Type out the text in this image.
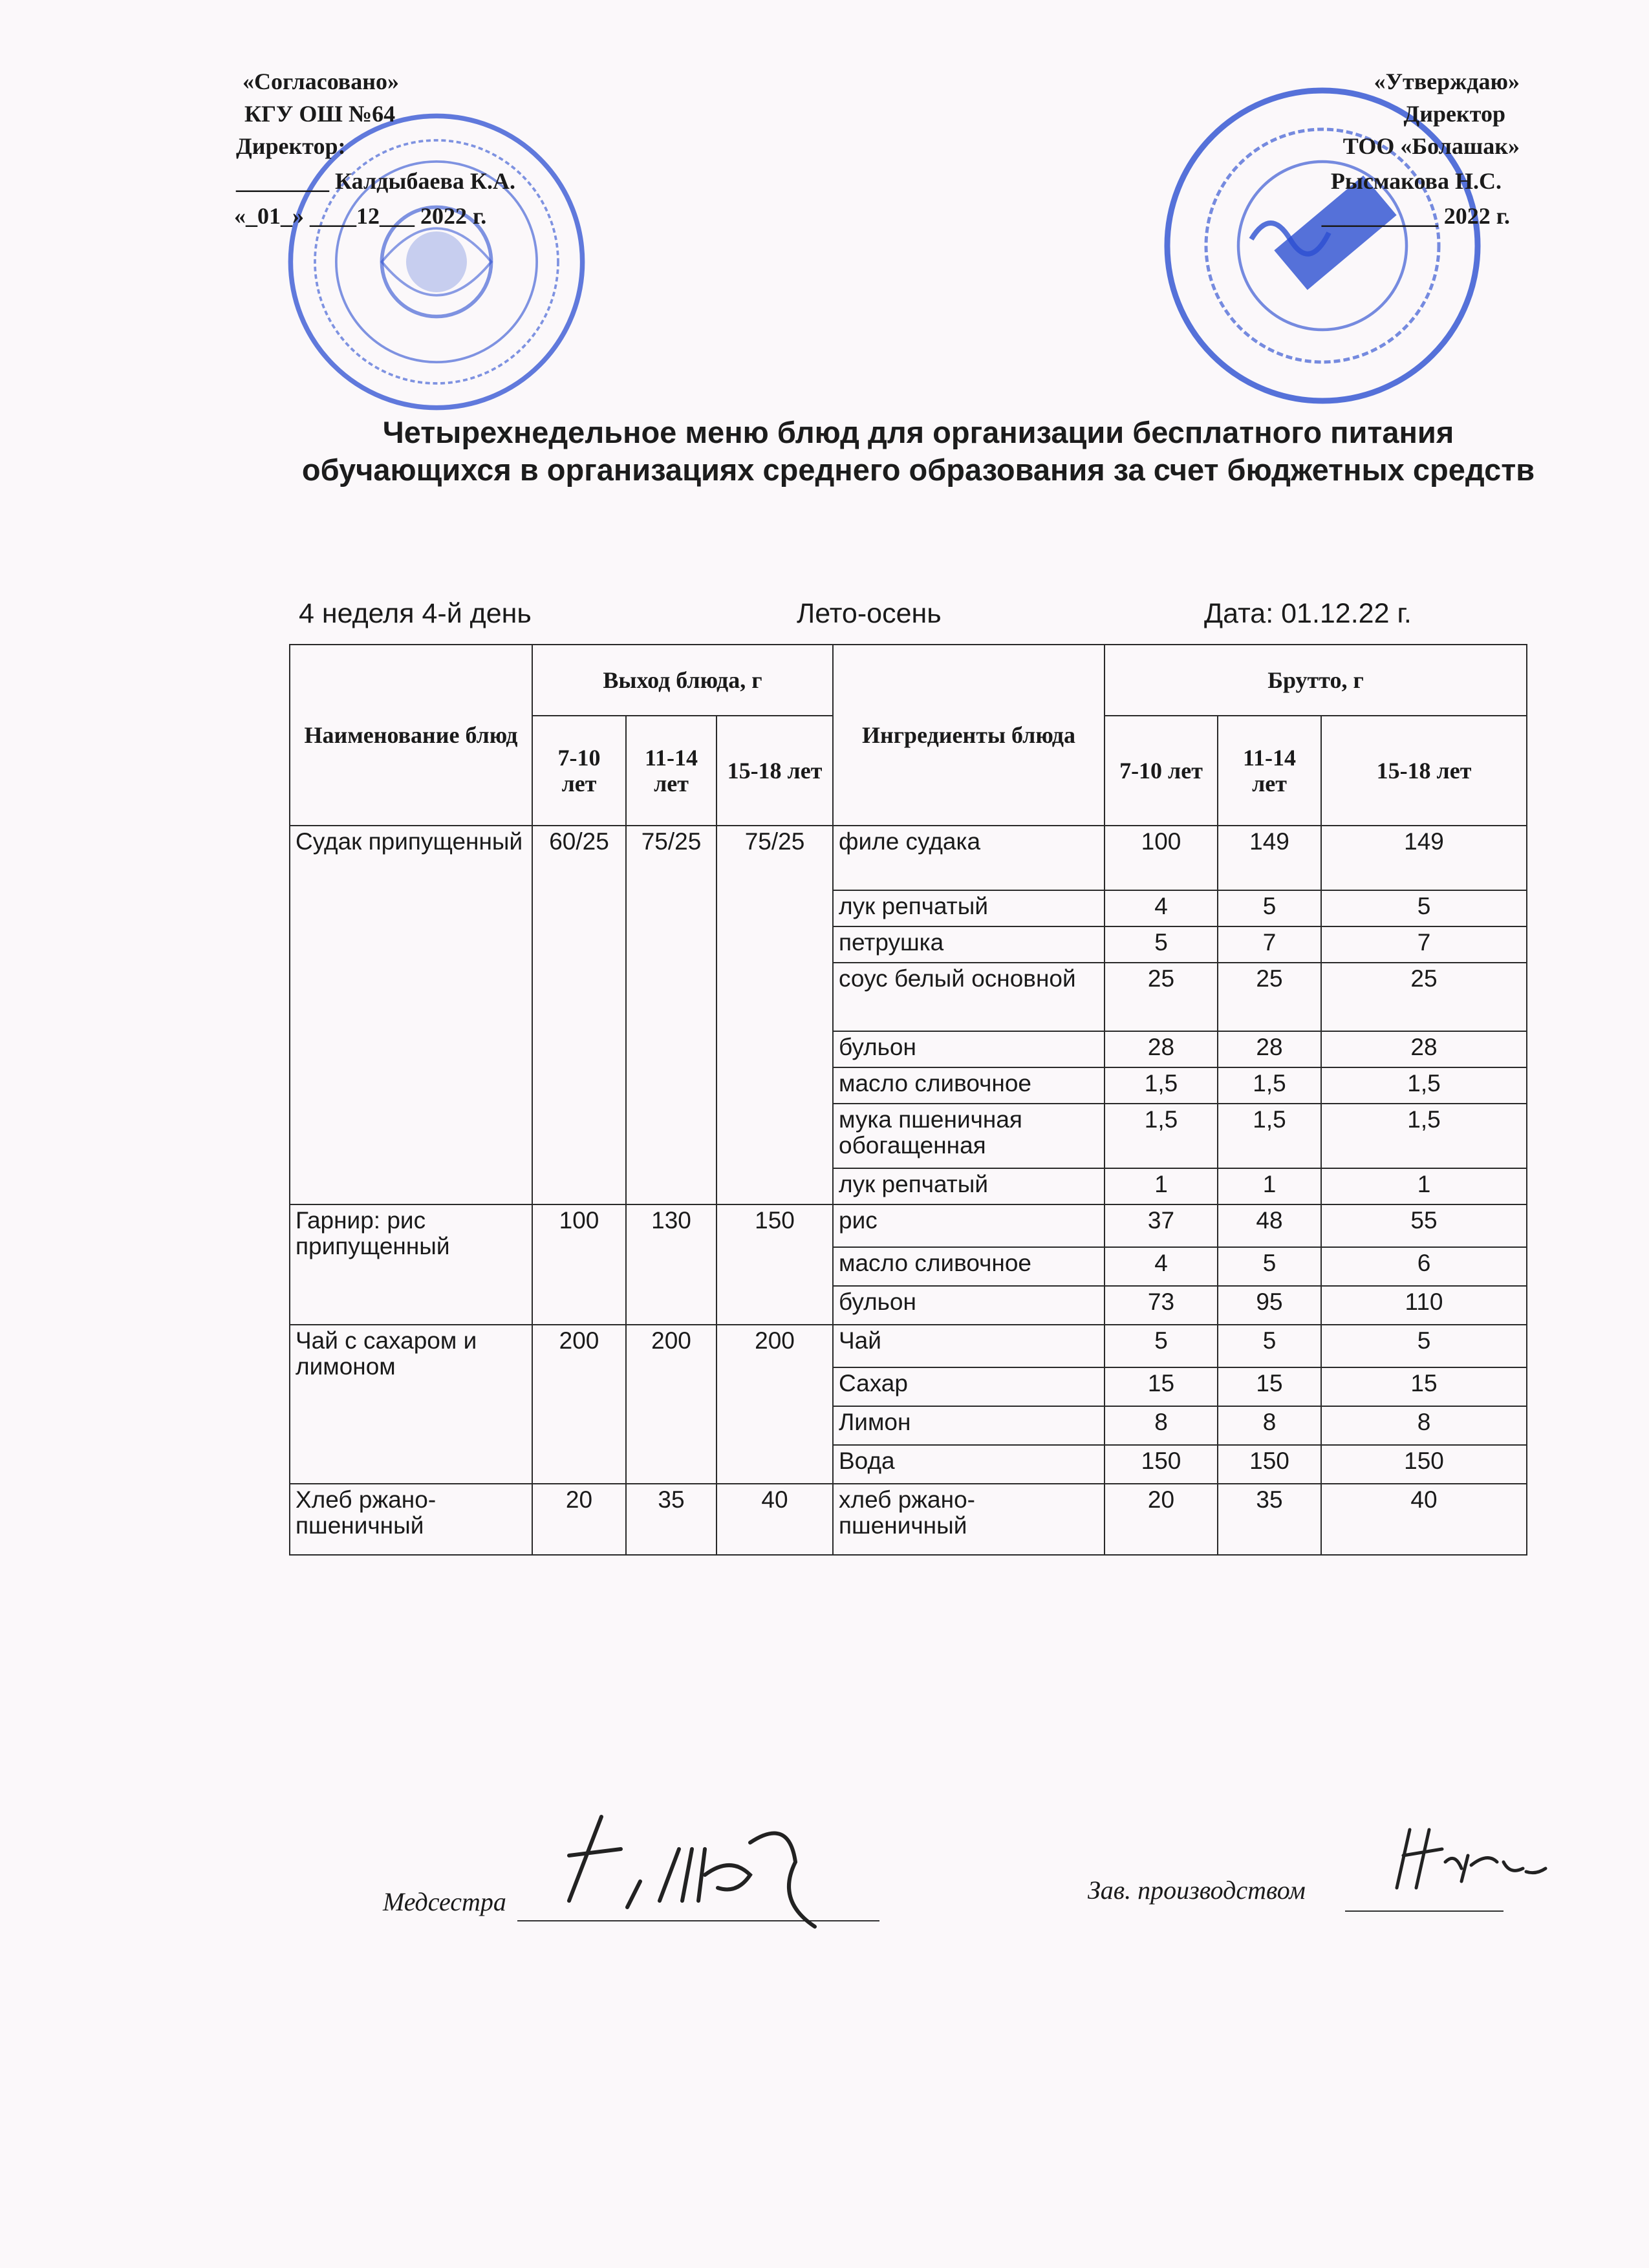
«Согласовано»
КГУ ОШ №64
Директор:
________ Калдыбаева К.А.
«_01_» ____12___ 2022 г.
«Утверждаю»
Директор
ТОО «Болашак»
Рысмакова Н.С.
__________ 2022 г.
Четырехнедельное меню блюд для организации бесплатного питания обучающихся в организациях среднего образования за счет бюджетных средств
4 неделя 4-й день	Лето-осень	Дата: 01.12.22 г.
Наименование блюд	Выход блюда, г			Ингредиенты блюда	Брутто, г		
	7-10 лет	11-14 лет	15-18 лет		7-10 лет	11-14 лет	15-18 лет
Судак припущенный	60/25	75/25	75/25	филе судака	100	149	149
				лук репчатый	4	5	5
				петрушка	5	7	7
				соус белый основной	25	25	25
				бульон	28	28	28
				масло сливочное	1,5	1,5	1,5
				мука пшеничная обогащенная	1,5	1,5	1,5
				лук репчатый	1	1	1
Гарнир: рис припущенный	100	130	150	рис	37	48	55
				масло сливочное	4	5	6
				бульон	73	95	110
Чай с сахаром и лимоном	200	200	200	Чай	5	5	5
				Сахар	15	15	15
				Лимон	8	8	8
				Вода	150	150	150
Хлеб ржано-пшеничный	20	35	40	хлеб ржано-пшеничный	20	35	40
Медсестра	Зав. производством
